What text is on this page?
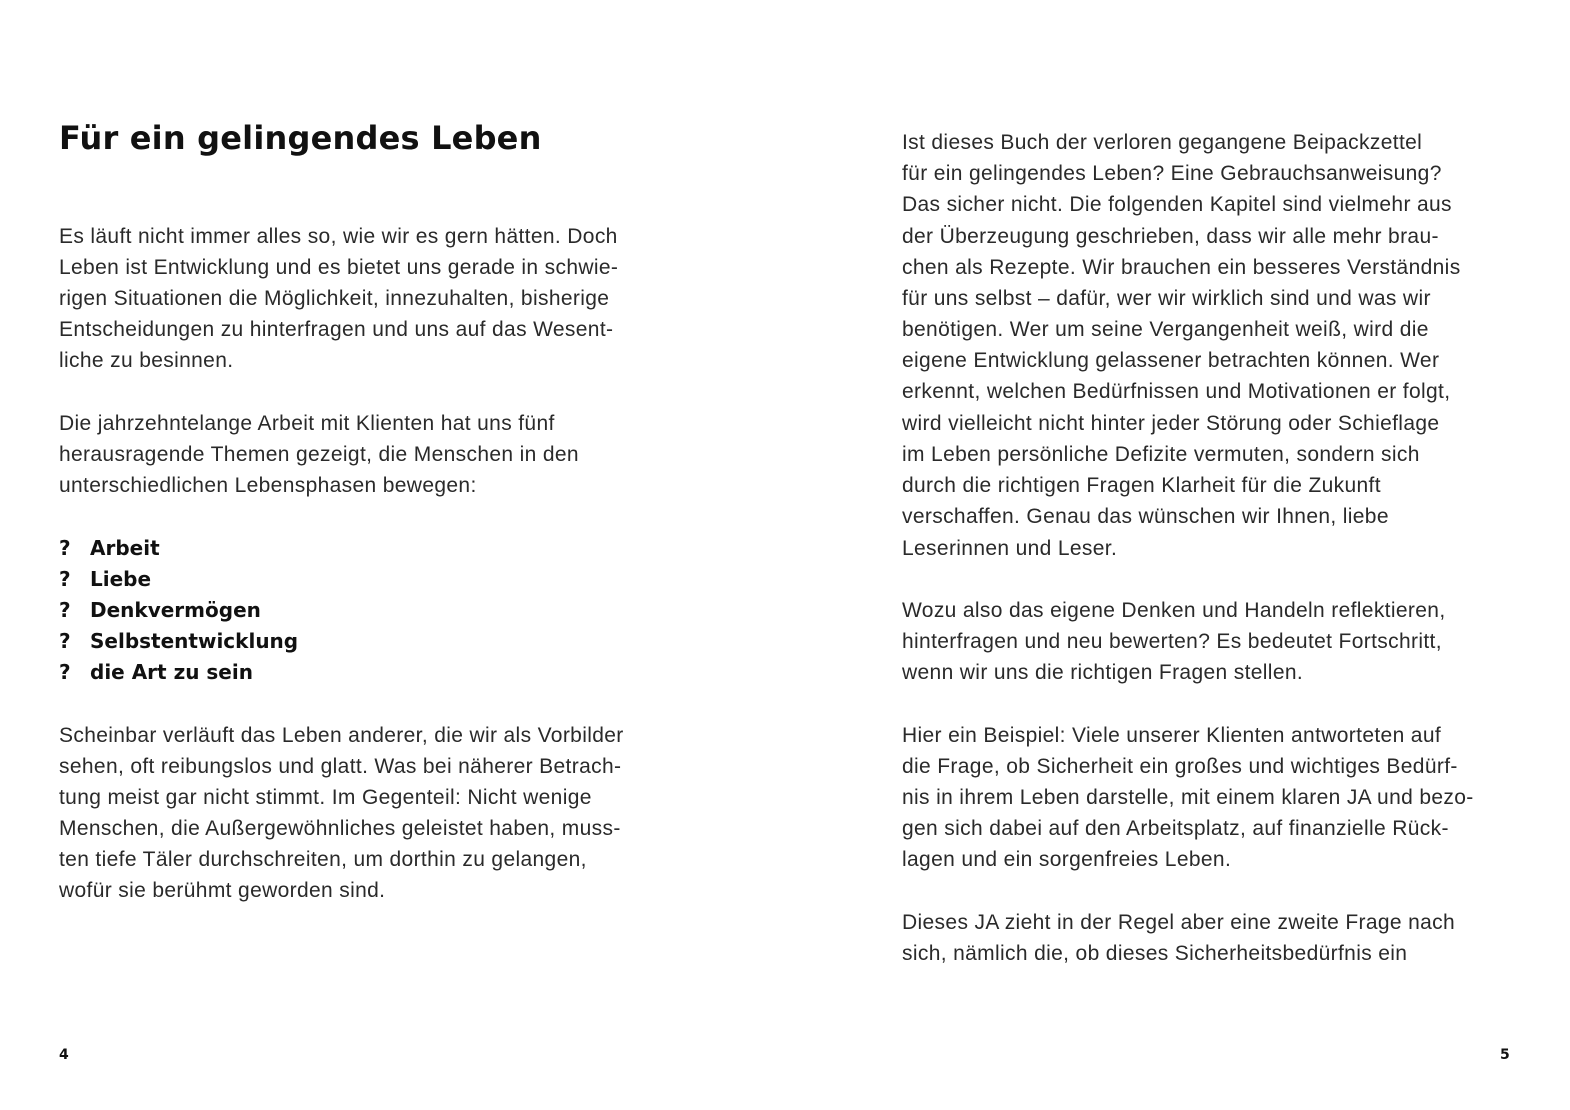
Für ein gelingendes Leben
Es läuft nicht immer alles so, wie wir es gern hätten. Doch
Leben ist Entwicklung und es bietet uns gerade in schwie-
rigen Situationen die Möglichkeit, innezuhalten, bisherige
Entscheidungen zu hinterfragen und uns auf das Wesent-
liche zu besinnen.
Die jahrzehntelange Arbeit mit Klienten hat uns fünf
herausragende Themen gezeigt, die Menschen in den
unterschiedlichen Lebensphasen bewegen:
? Arbeit
? Liebe
? Denkvermögen
? Selbstentwicklung
? die Art zu sein
Scheinbar verläuft das Leben anderer, die wir als Vorbilder
sehen, oft reibungslos und glatt. Was bei näherer Betrach-
tung meist gar nicht stimmt. Im Gegenteil: Nicht wenige
Menschen, die Außergewöhnliches geleistet haben, muss-
ten tiefe Täler durchschreiten, um dorthin zu gelangen,
wofür sie berühmt geworden sind.
4
Ist dieses Buch der verloren gegangene Beipackzettel
für ein gelingendes Leben? Eine Gebrauchsanweisung?
Das sicher nicht. Die folgenden Kapitel sind vielmehr aus
der Überzeugung geschrieben, dass wir alle mehr brau-
chen als Rezepte. Wir brauchen ein besseres Verständnis
für uns selbst – dafür, wer wir wirklich sind und was wir
benötigen. Wer um seine Vergangenheit weiß, wird die
eigene Entwicklung gelassener betrachten können. Wer
erkennt, welchen Bedürfnissen und Motivationen er folgt,
wird vielleicht nicht hinter jeder Störung oder Schieflage
im Leben persönliche Defizite vermuten, sondern sich
durch die richtigen Fragen Klarheit für die Zukunft
verschaffen. Genau das wünschen wir Ihnen, liebe
Leserinnen und Leser.
Wozu also das eigene Denken und Handeln reflektieren,
hinterfragen und neu bewerten? Es bedeutet Fortschritt,
wenn wir uns die richtigen Fragen stellen.
Hier ein Beispiel: Viele unserer Klienten antworteten auf
die Frage, ob Sicherheit ein großes und wichtiges Bedürf-
nis in ihrem Leben darstelle, mit einem klaren JA und bezo-
gen sich dabei auf den Arbeitsplatz, auf finanzielle Rück-
lagen und ein sorgenfreies Leben.
Dieses JA zieht in der Regel aber eine zweite Frage nach
sich, nämlich die, ob dieses Sicherheitsbedürfnis ein
5
